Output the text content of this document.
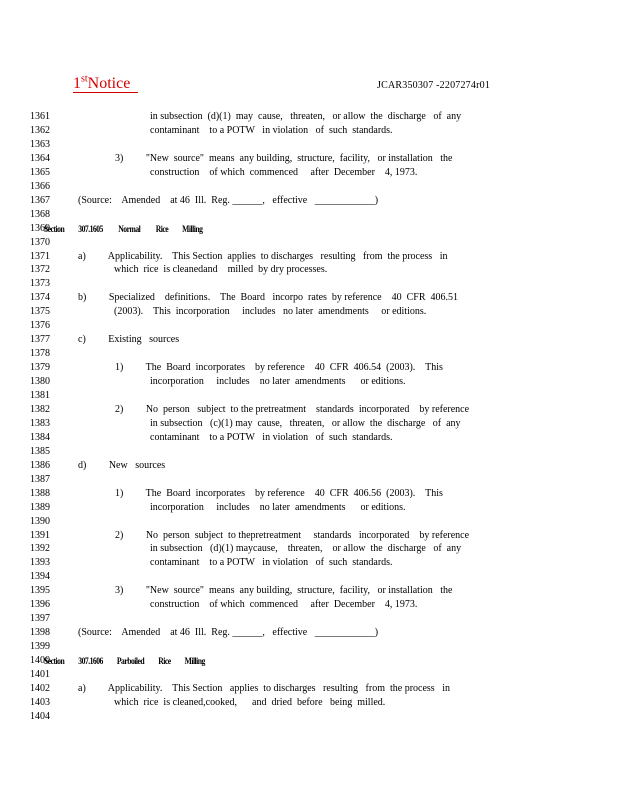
1stNotice	JCAR350307 -2207274r01
1361	in subsection  (d)(1)  may  cause,   threaten,   or allow  the  discharge   of  any
1362	contaminant    to a POTW   in violation   of  such  standards.
1363
1364	3)         "New  source"  means  any building,  structure,  facility,   or installation   the
1365	construction    of which  commenced     after  December    4, 1973.
1366
1367	(Source:    Amended    at 46  Ill.  Reg. ______,   effective   ____________)
1368
1369
Section          307.1605           Normal           Rice          Milling
1370
1371	a)         Applicability.    This Section  applies  to discharges   resulting   from  the process   in
1372	which  rice  is cleanedand    milled  by dry processes.
1373
1374	b)         Specialized    definitions.    The  Board   incorpo  rates  by reference    40  CFR  406.51
1375	(2003).    This  incorporation     includes   no later  amendments     or editions.
1376
1377	c)         Existing   sources
1378
1379	1)         The  Board  incorporates    by reference    40  CFR  406.54  (2003).    This
1380	incorporation     includes    no later  amendments      or editions.
1381
1382	2)         No  person   subject  to the pretreatment    standards  incorporated    by reference
1383	in subsection   (c)(1) may  cause,   threaten,   or allow  the  discharge   of  any
1384	contaminant    to a POTW   in violation   of  such  standards.
1385
1386	d)         New   sources
1387
1388	1)         The  Board  incorporates    by reference    40  CFR  406.56  (2003).    This
1389	incorporation     includes    no later  amendments      or editions.
1390
1391	2)         No  person  subject  to thepretreatment     standards   incorporated    by reference
1392	in subsection   (d)(1) maycause,    threaten,    or allow  the  discharge   of  any
1393	contaminant    to a POTW   in violation   of  such  standards.
1394
1395	3)         "New  source"  means  any building,  structure,  facility,   or installation   the
1396	construction    of which  commenced     after  December    4, 1973.
1397
1398	(Source:    Amended    at 46  Ill.  Reg. ______,   effective   ____________)
1399
1400
Section          307.1606          Parboiled          Rice          Milling
1401
1402	a)         Applicability.    This Section   applies  to discharges   resulting   from  the process   in
1403	which  rice  is cleaned,cooked,      and  dried  before   being  milled.
1404
